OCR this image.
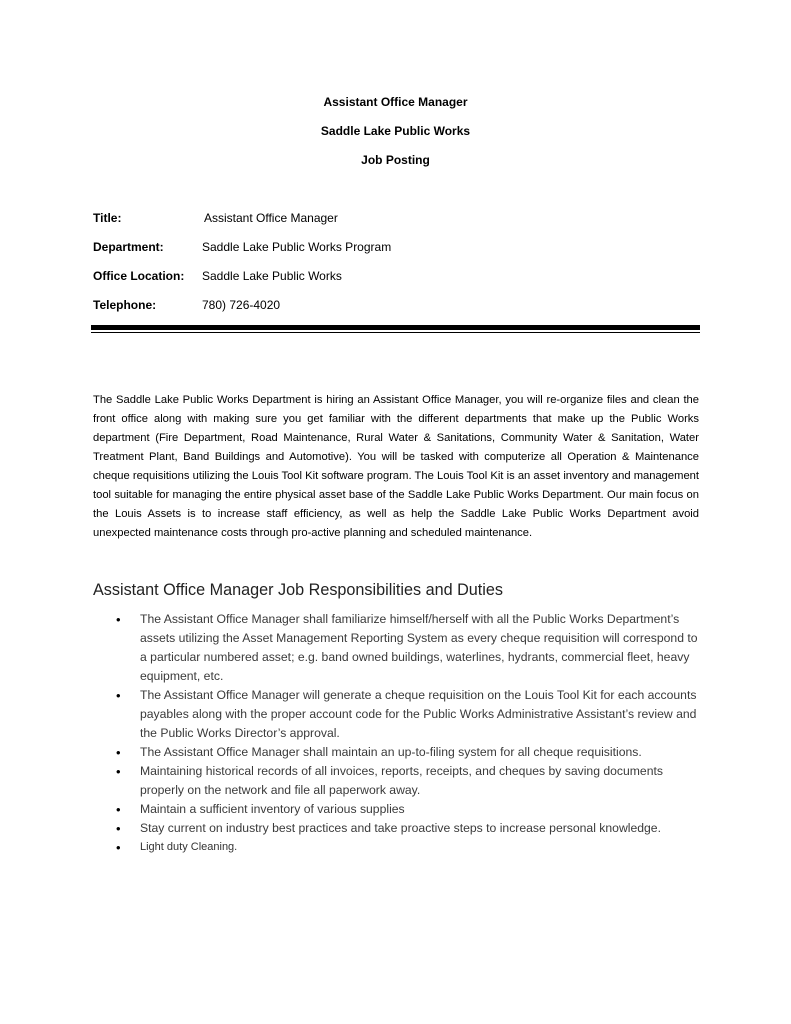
Assistant Office Manager
Saddle Lake Public Works
Job Posting
Title:	Assistant Office Manager
Department:	Saddle Lake Public Works Program
Office Location: Saddle Lake Public Works
Telephone:	780) 726-4020

The Saddle Lake Public Works Department is hiring an Assistant Office Manager, you will re-organize files and clean the front office along with making sure you get familiar with the different departments that make up the Public Works department (Fire Department, Road Maintenance, Rural Water & Sanitations, Community Water & Sanitation, Water Treatment Plant, Band Buildings and Automotive). You will be tasked with computerize all Operation & Maintenance cheque requisitions utilizing the Louis Tool Kit software program. The Louis Tool Kit is an asset inventory and management tool suitable for managing the entire physical asset base of the Saddle Lake Public Works Department. Our main focus on the Louis Assets is to increase staff efficiency, as well as help the Saddle Lake Public Works Department avoid unexpected maintenance costs through pro-active planning and scheduled maintenance.

Assistant Office Manager Job Responsibilities and Duties
• The Assistant Office Manager shall familiarize himself/herself with all the Public Works Department’s assets utilizing the Asset Management Reporting System as every cheque requisition will correspond to a particular numbered asset; e.g. band owned buildings, waterlines, hydrants, commercial fleet, heavy equipment, etc.
• The Assistant Office Manager will generate a cheque requisition on the Louis Tool Kit for each accounts payables along with the proper account code for the Public Works Administrative Assistant’s review and the Public Works Director’s approval.
• The Assistant Office Manager shall maintain an up-to-filing system for all cheque requisitions.
• Maintaining historical records of all invoices, reports, receipts, and cheques by saving documents properly on the network and file all paperwork away.
• Maintain a sufficient inventory of various supplies
• Stay current on industry best practices and take proactive steps to increase personal knowledge.
• Light duty Cleaning.
